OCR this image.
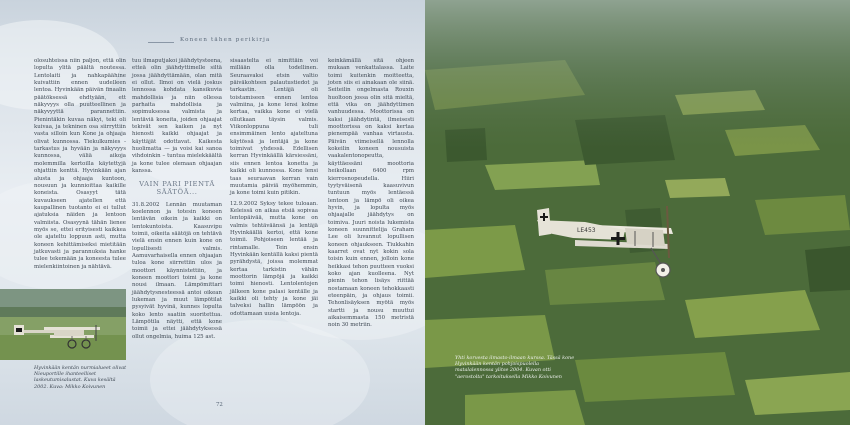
Koneen tähen perikirja

olosuhteissa niin paljon, että olin lopulta ylitä päältä noutessa. Lentolaiti ja nahkapäähine kuivattiin ennen uudelleen lentoa. Hyvinkään päivän finaalin päätöksessä ehdtyään, ett näkyvyys olla puutteellinen ja näkyvyyttä parannettiin. Pienintäkin kuvaa näkyi, teki oli kuivaa, ja tekninen osa siirryttiin vasta silloin kun Kone ja ohjaaja olivat kunnossa. Tiekulkumies - tarkastus ja hyvään ja näkyvyys kunnossa, väliä aikoja molemmilla kertoilla käytettyjä ohjattiin kenttä. Hyvinkään ajan alusta ja ohjaaja kuntoon, nousuun ja kunnioittaa kaikille koneista. Osasyyt tätä kuvaukseen ajatellen että kaupallinen tuotanto ei ei tullut ajatuksia näiden ja lentoon valmiista. Osasyynä tähän lienee myös se, ettei erityisesti kaikkea ole ajateltu loppuun asti, mutta koneen kehittämiseksi mietitään jatkuvasti ja parannuksia hanke tulee tekemään ja koneesta tulee mielenkiintoinen ja nähtävä.

tuu ilmaputjakoi jäähdytysteena, etteä olin jäähdyttimelle siltä jossa jäähdyttämään, olan mitä ei ollut. Ilmoi on vielä joskus lennossa kohdata kansikuvia mahdollisia ja niin ollessa parhaita mahdollisia ja sopimuksessa valmista ja lentäviä koneita, joiden ohjaajat tekivät sen kaiken ja nyt hienosti kaikki ohjaajat ja käyttäjät odottavat. Kaikesta huolimatta — ja voisi kai sanoa vihdoinkin – tuntua mielekkäältä ja kone tulee olemaan ohjaajan kanssa.

VAIN PARI PIENTÄ SÄÄTÖÄ...

31.8.2002 Lennän muutaman koelennon ja totesin koneen lentävän oikein ja kaikki on lentokuntoista. Kaasuvipu toimii, oikeita säätöjä on tehtävä vielä ensin ennen kuin kone on lopullisesti valmis. Aamuvarhaisella ennen ohjaajan tuloa kone siirrettiin ulos ja moottori käynnistettiin, ja koneen moottori toimi ja kone nousi ilmaan. Lämpömittari jäähdytysnesteessä antoi oikean lukeman ja muut lämpötilat pysyivät hyvinä, kunnes lopulta koko lento saatiin suoritettua. Lämpötila näytti, että kone toimii ja ettei jäähdytyksessä ollut ongelmia, huima 125 ast.

sisaastelta ei nimittäin voi millään olla todellinen. Seuraavaksi etsin valtio päiväkohteen palautustiedot ja tarkastin. Lentäjä oli toistamiseen ennen lentoa valmiina, ja kone lensi kolme kertaa, vaikka kone ei vielä ollutkaan täysin valmis. Viikonloppuna tuli ensimmäinen lento ajateltuna käytössä ja lentäjä ja kone toimivat yhdessä. Edellisen kerran Hyvinkäällä kärsiessäni, siis ennen lentoa konetta ja kaikki oli kunnossa. Kone lensi taas seuraavan kerran vain muutamia päiviä myöhemmin, ja kone toimi kuin pitikin.

12.9.2002 Syksy tekee tuloaan. Keleissä on aikaa etsiä sopivaa lentopäivää, mutta kone on valmis tehtäväänsä ja lentäjä Hyvinkäällä kertoi, että kone toimii. Pohjoiseen lentää ja rintamalle. Tein ensin Hyvinkään kentällä kaksi pientä pyrähdystä, joissa molemmat kertaa tarkistin vähän moottorin lämpöjä ja kaikki toimi hienosti. Lentolentojen jälkeen kone palasi kentälle ja kaikki oli tehty ja kone jäi talveksi hallin lämpöön ja odottamaan uusia lentoja.

keinkämällä sitä ohjeen mukaan venkattalassa. Laite toimi kuitenkin moitteetta, joten siis ei ainakaan ole siinä. Seiteilin ongelmasta Rouxin huoltoon jossa olin sitä mieltä, että vika on jäähdyttimen vanhuudessa. Moottorissa on kaksi jäähdytintä, ilmeisesti moottorissa on kaksi kertaa pienempää vanhaa virtausta. Päivän viimeisellä lennolla kokeilin koneen nousuista vaakalentonopeutta, käyttäessäni moottoria heikollaan 6400 rpm kierrosnopeudella. Hiiri tyytyväisenä kaasuvivun tuntuun myös lentäessä lentoon ja lämpö oli oikea hyvin, ja lopulta myös ohjaajalle jäähdytys on toimiva. Juuri noista lukemista koneen suunnittelija Graham Lee oli luvannut lopullisen koneen ohjaukseen. Tiukkahin kaarret ovat nyt kokin sola toisin kuin ennen, jolloin kone heikkasi tehon puutteen vuoksi koko ajan kuolleena. Nyt pienin tehon lisäys riittää nostamaan koneen tehokkaasti eteenpäin, ja ohjaus toimii. Tehonlisäyksen myötä myös startti ja nousu muuttui aikaisemmasta 150 metristä noin 30 metriin.

Hyvinkään kentän nurmialueet olivat Nieuportille ihanteelliset laskeutumisalustat. Kuva kesältä 2002. Kuva: Mikko Koivunen
72
LE453
Yhti korvesta ilmasto-ilmaan kurssa. Tässä kone Hyvinkään kentän pohjoispuolella matalalennossa ylitse 2004. Kuvan otti "aerostolta" tarkoituksella Mikko Koivunen
